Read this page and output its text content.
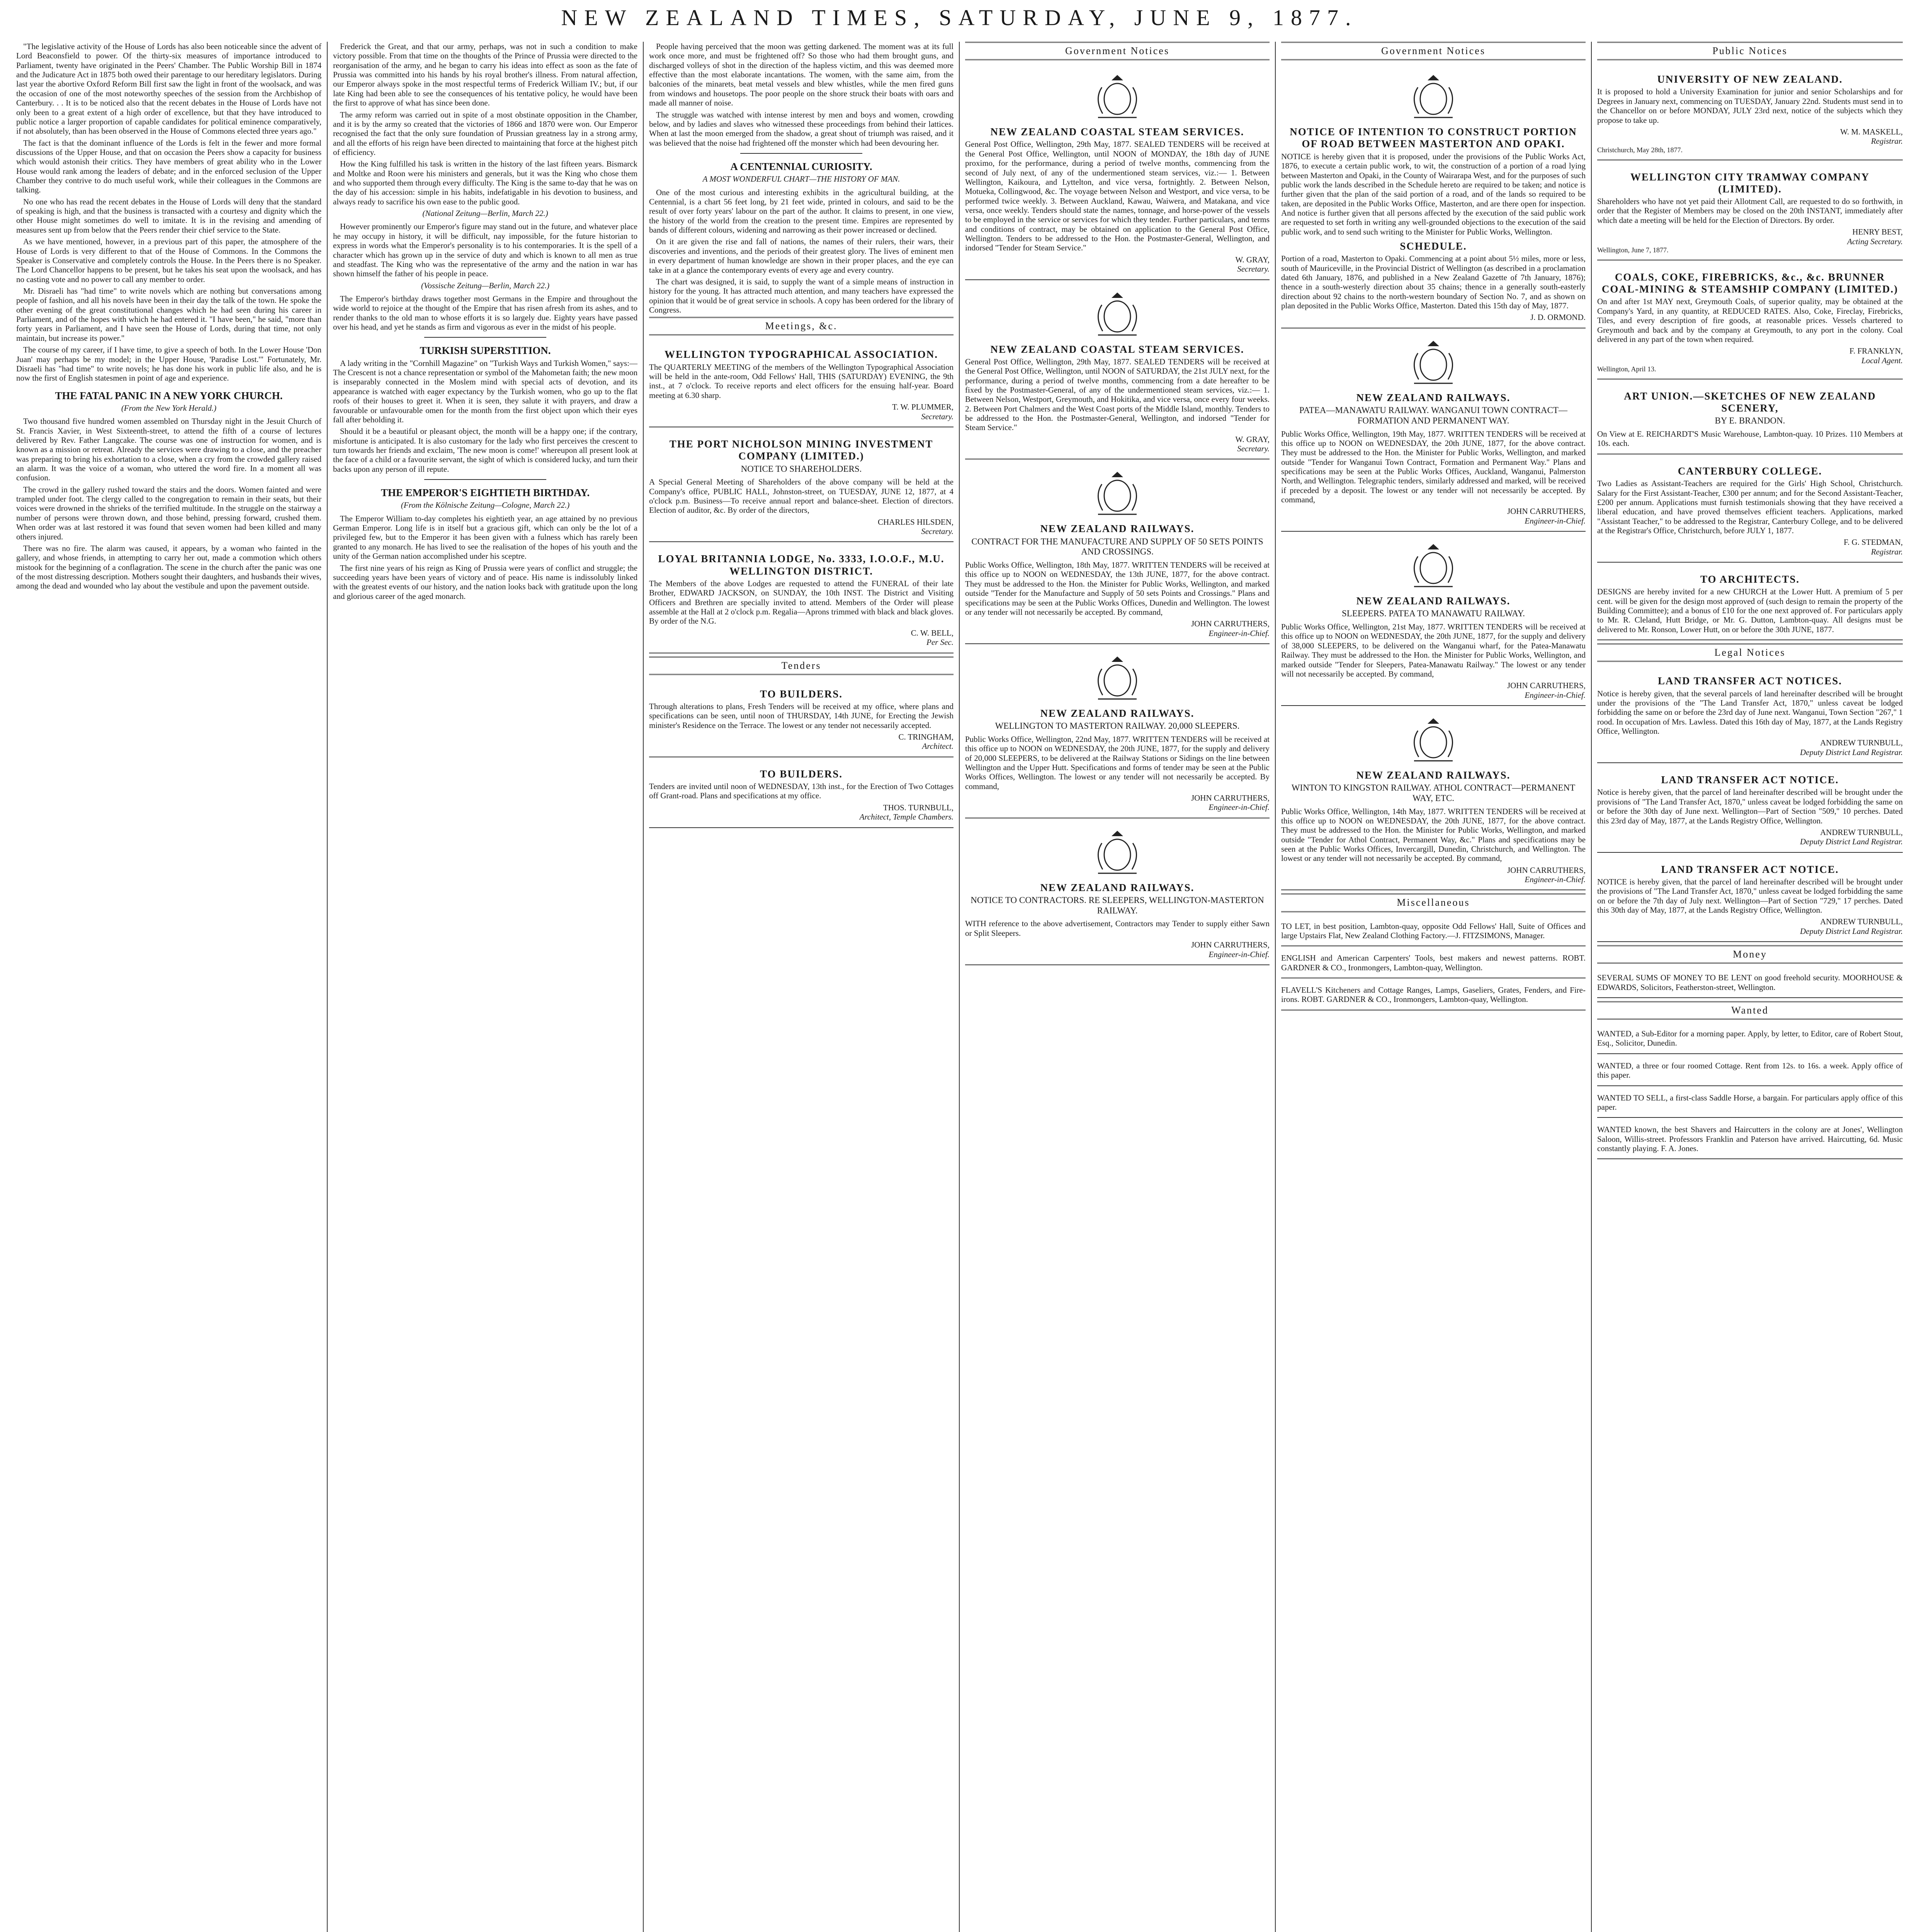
NEW ZEALAND TIMES, SATURDAY, JUNE 9, 1877.

"The legislative activity of the House of Lords has also been noticeable since the advent of Lord Beaconsfield to power. Of the thirty-six measures of importance introduced to Parliament, twenty have originated in the Peers' Chamber. The Public Worship Bill in 1874 and the Judicature Act in 1875 both owed their parentage to our hereditary legislators. During last year the abortive Oxford Reform Bill first saw the light in front of the woolsack, and was the occasion of one of the most noteworthy speeches of the session from the Archbishop of Canterbury. . . It is to be noticed also that the recent debates in the House of Lords have not only been to a great extent of a high order of excellence, but that they have introduced to public notice a larger proportion of capable candidates for political eminence comparatively, if not absolutely, than has been observed in the House of Commons elected three years ago."

The fact is that the dominant influence of the Lords is felt in the fewer and more formal discussions of the Upper House, and that on occasion the Peers show a capacity for business which would astonish their critics. They have members of great ability who in the Lower House would rank among the leaders of debate; and in the enforced seclusion of the Upper Chamber they contrive to do much useful work, while their colleagues in the Commons are talking.

No one who has read the recent debates in the House of Lords will deny that the standard of speaking is high, and that the business is transacted with a courtesy and dignity which the other House might sometimes do well to imitate. It is in the revising and amending of measures sent up from below that the Peers render their chief service to the State.

As we have mentioned, however, in a previous part of this paper, the atmosphere of the House of Lords is very different to that of the House of Commons. In the Commons the Speaker is Conservative and completely controls the House. In the Peers there is no Speaker. The Lord Chancellor happens to be present, but he takes his seat upon the woolsack, and has no casting vote and no power to call any member to order.

Mr. Disraeli has "had time" to write novels which are nothing but conversations among people of fashion, and all his novels have been in their day the talk of the town. He spoke the other evening of the great constitutional changes which he had seen during his career in Parliament, and of the hopes with which he had entered it. "I have been," he said, "more than forty years in Parliament, and I have seen the House of Lords, during that time, not only maintain, but increase its power."

The course of my career, if I have time, to give a speech of both. In the Lower House 'Don Juan' may perhaps be my model; in the Upper House, 'Paradise Lost.'" Fortunately, Mr. Disraeli has "had time" to write novels; he has done his work in public life also, and he is now the first of English statesmen in point of age and experience.

THE FATAL PANIC IN A NEW YORK CHURCH.
(From the New York Herald.)

Two thousand five hundred women assembled on Thursday night in the Jesuit Church of St. Francis Xavier, in West Sixteenth-street, to attend the fifth of a course of lectures delivered by Rev. Father Langcake. The course was one of instruction for women, and is known as a mission or retreat. Already the services were drawing to a close, and the preacher was preparing to bring his exhortation to a close, when a cry from the crowded gallery raised an alarm. It was the voice of a woman, who uttered the word fire. In a moment all was confusion.

The crowd in the gallery rushed toward the stairs and the doors. Women fainted and were trampled under foot. The clergy called to the congregation to remain in their seats, but their voices were drowned in the shrieks of the terrified multitude. In the struggle on the stairway a number of persons were thrown down, and those behind, pressing forward, crushed them. When order was at last restored it was found that seven women had been killed and many others injured.

There was no fire. The alarm was caused, it appears, by a woman who fainted in the gallery, and whose friends, in attempting to carry her out, made a commotion which others mistook for the beginning of a conflagration. The scene in the church after the panic was one of the most distressing description. Mothers sought their daughters, and husbands their wives, among the dead and wounded who lay about the vestibule and upon the pavement outside.

Frederick the Great, and that our army, perhaps, was not in such a condition to make victory possible. From that time on the thoughts of the Prince of Prussia were directed to the reorganisation of the army, and he began to carry his ideas into effect as soon as the fate of Prussia was committed into his hands by his royal brother's illness. From natural affection, our Emperor always spoke in the most respectful terms of Frederick William IV.; but, if our late King had been able to see the consequences of his tentative policy, he would have been the first to approve of what has since been done.

The army reform was carried out in spite of a most obstinate opposition in the Chamber, and it is by the army so created that the victories of 1866 and 1870 were won. Our Emperor recognised the fact that the only sure foundation of Prussian greatness lay in a strong army, and all the efforts of his reign have been directed to maintaining that force at the highest pitch of efficiency.

How the King fulfilled his task is written in the history of the last fifteen years. Bismarck and Moltke and Roon were his ministers and generals, but it was the King who chose them and who supported them through every difficulty. The King is the same to-day that he was on the day of his accession: simple in his habits, indefatigable in his devotion to business, and always ready to sacrifice his own ease to the public good.

(National Zeitung—Berlin, March 22.)

However prominently our Emperor's figure may stand out in the future, and whatever place he may occupy in history, it will be difficult, nay impossible, for the future historian to express in words what the Emperor's personality is to his contemporaries. It is the spell of a character which has grown up in the service of duty and which is known to all men as true and steadfast. The King who was the representative of the army and the nation in war has shown himself the father of his people in peace.

(Vossische Zeitung—Berlin, March 22.)

The Emperor's birthday draws together most Germans in the Empire and throughout the wide world to rejoice at the thought of the Empire that has risen afresh from its ashes, and to render thanks to the old man to whose efforts it is so largely due. Eighty years have passed over his head, and yet he stands as firm and vigorous as ever in the midst of his people.

TURKISH SUPERSTITION.

A lady writing in the "Cornhill Magazine" on "Turkish Ways and Turkish Women," says:—The Crescent is not a chance representation or symbol of the Mahometan faith; the new moon is inseparably connected in the Moslem mind with special acts of devotion, and its appearance is watched with eager expectancy by the Turkish women, who go up to the flat roofs of their houses to greet it. When it is seen, they salute it with prayers, and draw a favourable or unfavourable omen for the month from the first object upon which their eyes fall after beholding it.

Should it be a beautiful or pleasant object, the month will be a happy one; if the contrary, misfortune is anticipated. It is also customary for the lady who first perceives the crescent to turn towards her friends and exclaim, 'The new moon is come!' whereupon all present look at the face of a child or a favourite servant, the sight of which is considered lucky, and turn their backs upon any person of ill repute.

THE EMPEROR'S EIGHTIETH BIRTHDAY.
(From the Kölnische Zeitung—Cologne, March 22.)

The Emperor William to-day completes his eightieth year, an age attained by no previous German Emperor. Long life is in itself but a gracious gift, which can only be the lot of a privileged few, but to the Emperor it has been given with a fulness which has rarely been granted to any monarch. He has lived to see the realisation of the hopes of his youth and the unity of the German nation accomplished under his sceptre.

The first nine years of his reign as King of Prussia were years of conflict and struggle; the succeeding years have been years of victory and of peace. His name is indissolubly linked with the greatest events of our history, and the nation looks back with gratitude upon the long and glorious career of the aged monarch.

People having perceived that the moon was getting darkened. The moment was at its full work once more, and must be frightened off? So those who had them brought guns, and discharged volleys of shot in the direction of the hapless victim, and this was deemed more effective than the most elaborate incantations. The women, with the same aim, from the balconies of the minarets, beat metal vessels and blew whistles, while the men fired guns from windows and housetops. The poor people on the shore struck their boats with oars and made all manner of noise.

The struggle was watched with intense interest by men and boys and women, crowding below, and by ladies and slaves who witnessed these proceedings from behind their lattices. When at last the moon emerged from the shadow, a great shout of triumph was raised, and it was believed that the noise had frightened off the monster which had been devouring her.

A CENTENNIAL CURIOSITY.
A MOST WONDERFUL CHART—THE HISTORY OF MAN.

One of the most curious and interesting exhibits in the agricultural building, at the Centennial, is a chart 56 feet long, by 21 feet wide, printed in colours, and said to be the result of over forty years' labour on the part of the author. It claims to present, in one view, the history of the world from the creation to the present time. Empires are represented by bands of different colours, widening and narrowing as their power increased or declined.

On it are given the rise and fall of nations, the names of their rulers, their wars, their discoveries and inventions, and the periods of their greatest glory. The lives of eminent men in every department of human knowledge are shown in their proper places, and the eye can take in at a glance the contemporary events of every age and every country.

The chart was designed, it is said, to supply the want of a simple means of instruction in history for the young. It has attracted much attention, and many teachers have expressed the opinion that it would be of great service in schools. A copy has been ordered for the library of Congress.

Meetings, &c.
WELLINGTON TYPOGRAPHICAL ASSOCIATION.
The QUARTERLY MEETING of the members of the Wellington Typographical Association will be held in the ante-room, Odd Fellows' Hall, THIS (SATURDAY) EVENING, the 9th inst., at 7 o'clock. To receive reports and elect officers for the ensuing half-year. Board meeting at 6.30 sharp.
T. W. PLUMMER,
Secretary.
THE PORT NICHOLSON MINING INVESTMENT COMPANY (LIMITED.)
NOTICE TO SHAREHOLDERS.
A Special General Meeting of Shareholders of the above company will be held at the Company's office, PUBLIC HALL, Johnston-street, on TUESDAY, JUNE 12, 1877, at 4 o'clock p.m. Business—To receive annual report and balance-sheet. Election of directors. Election of auditor, &c. By order of the directors,
CHARLES HILSDEN,
Secretary.
LOYAL BRITANNIA LODGE, No. 3333, I.O.O.F., M.U. WELLINGTON DISTRICT.
The Members of the above Lodges are requested to attend the FUNERAL of their late Brother, EDWARD JACKSON, on SUNDAY, the 10th INST. The District and Visiting Officers and Brethren are specially invited to attend. Members of the Order will please assemble at the Hall at 2 o'clock p.m. Regalia—Aprons trimmed with black and black gloves. By order of the N.G.
C. W. BELL,
Per Sec.
Tenders
TO BUILDERS.
Through alterations to plans, Fresh Tenders will be received at my office, where plans and specifications can be seen, until noon of THURSDAY, 14th JUNE, for Erecting the Jewish minister's Residence on the Terrace. The lowest or any tender not necessarily accepted.
C. TRINGHAM,
Architect.
TO BUILDERS.
Tenders are invited until noon of WEDNESDAY, 13th inst., for the Erection of Two Cottages off Grant-road. Plans and specifications at my office.
THOS. TURNBULL,
Architect, Temple Chambers.
Government Notices
NEW ZEALAND COASTAL STEAM SERVICES.
General Post Office, Wellington, 29th May, 1877. SEALED TENDERS will be received at the General Post Office, Wellington, until NOON of MONDAY, the 18th day of JUNE proximo, for the performance, during a period of twelve months, commencing from the second of July next, of any of the undermentioned steam services, viz.:— 1. Between Wellington, Kaikoura, and Lyttelton, and vice versa, fortnightly. 2. Between Nelson, Motueka, Collingwood, &c. The voyage between Nelson and Westport, and vice versa, to be performed twice weekly. 3. Between Auckland, Kawau, Waiwera, and Matakana, and vice versa, once weekly. Tenders should state the names, tonnage, and horse-power of the vessels to be employed in the service or services for which they tender. Further particulars, and terms and conditions of contract, may be obtained on application to the General Post Office, Wellington. Tenders to be addressed to the Hon. the Postmaster-General, Wellington, and indorsed "Tender for Steam Service."
W. GRAY,
Secretary.
NEW ZEALAND COASTAL STEAM SERVICES.
General Post Office, Wellington, 29th May, 1877. SEALED TENDERS will be received at the General Post Office, Wellington, until NOON of SATURDAY, the 21st JULY next, for the performance, during a period of twelve months, commencing from a date hereafter to be fixed by the Postmaster-General, of any of the undermentioned steam services, viz.:— 1. Between Nelson, Westport, Greymouth, and Hokitika, and vice versa, once every four weeks. 2. Between Port Chalmers and the West Coast ports of the Middle Island, monthly. Tenders to be addressed to the Hon. the Postmaster-General, Wellington, and indorsed "Tender for Steam Service."
W. GRAY,
Secretary.
NEW ZEALAND RAILWAYS.
CONTRACT FOR THE MANUFACTURE AND SUPPLY OF 50 SETS POINTS AND CROSSINGS.
Public Works Office, Wellington, 18th May, 1877. WRITTEN TENDERS will be received at this office up to NOON on WEDNESDAY, the 13th JUNE, 1877, for the above contract. They must be addressed to the Hon. the Minister for Public Works, Wellington, and marked outside "Tender for the Manufacture and Supply of 50 sets Points and Crossings." Plans and specifications may be seen at the Public Works Offices, Dunedin and Wellington. The lowest or any tender will not necessarily be accepted. By command,
JOHN CARRUTHERS,
Engineer-in-Chief.
NEW ZEALAND RAILWAYS.
WELLINGTON TO MASTERTON RAILWAY. 20,000 SLEEPERS.
Public Works Office, Wellington, 22nd May, 1877. WRITTEN TENDERS will be received at this office up to NOON on WEDNESDAY, the 20th JUNE, 1877, for the supply and delivery of 20,000 SLEEPERS, to be delivered at the Railway Stations or Sidings on the line between Wellington and the Upper Hutt. Specifications and forms of tender may be seen at the Public Works Offices, Wellington. The lowest or any tender will not necessarily be accepted. By command,
JOHN CARRUTHERS,
Engineer-in-Chief.
NEW ZEALAND RAILWAYS.
NOTICE TO CONTRACTORS. RE SLEEPERS, WELLINGTON-MASTERTON RAILWAY.
WITH reference to the above advertisement, Contractors may Tender to supply either Sawn or Split Sleepers.
JOHN CARRUTHERS,
Engineer-in-Chief.
Government Notices
NOTICE OF INTENTION TO CONSTRUCT PORTION OF ROAD BETWEEN MASTERTON AND OPAKI.
NOTICE is hereby given that it is proposed, under the provisions of the Public Works Act, 1876, to execute a certain public work, to wit, the construction of a portion of a road lying between Masterton and Opaki, in the County of Wairarapa West, and for the purposes of such public work the lands described in the Schedule hereto are required to be taken; and notice is further given that the plan of the said portion of a road, and of the lands so required to be taken, are deposited in the Public Works Office, Masterton, and are there open for inspection. And notice is further given that all persons affected by the execution of the said public work are requested to set forth in writing any well-grounded objections to the execution of the said public work, and to send such writing to the Minister for Public Works, Wellington.
SCHEDULE.
Portion of a road, Masterton to Opaki. Commencing at a point about 5½ miles, more or less, south of Mauriceville, in the Provincial District of Wellington (as described in a proclamation dated 6th January, 1876, and published in a New Zealand Gazette of 7th January, 1876); thence in a south-westerly direction about 35 chains; thence in a generally south-easterly direction about 92 chains to the north-western boundary of Section No. 7, and as shown on plan deposited in the Public Works Office, Masterton. Dated this 15th day of May, 1877.
J. D. ORMOND.
NEW ZEALAND RAILWAYS.
PATEA—MANAWATU RAILWAY. WANGANUI TOWN CONTRACT—FORMATION AND PERMANENT WAY.
Public Works Office, Wellington, 19th May, 1877. WRITTEN TENDERS will be received at this office up to NOON on WEDNESDAY, the 20th JUNE, 1877, for the above contract. They must be addressed to the Hon. the Minister for Public Works, Wellington, and marked outside "Tender for Wanganui Town Contract, Formation and Permanent Way." Plans and specifications may be seen at the Public Works Offices, Auckland, Wanganui, Palmerston North, and Wellington. Telegraphic tenders, similarly addressed and marked, will be received if preceded by a deposit. The lowest or any tender will not necessarily be accepted. By command,
JOHN CARRUTHERS,
Engineer-in-Chief.
NEW ZEALAND RAILWAYS.
SLEEPERS. PATEA TO MANAWATU RAILWAY.
Public Works Office, Wellington, 21st May, 1877. WRITTEN TENDERS will be received at this office up to NOON on WEDNESDAY, the 20th JUNE, 1877, for the supply and delivery of 38,000 SLEEPERS, to be delivered on the Wanganui wharf, for the Patea-Manawatu Railway. They must be addressed to the Hon. the Minister for Public Works, Wellington, and marked outside "Tender for Sleepers, Patea-Manawatu Railway." The lowest or any tender will not necessarily be accepted. By command,
JOHN CARRUTHERS,
Engineer-in-Chief.
NEW ZEALAND RAILWAYS.
WINTON TO KINGSTON RAILWAY. ATHOL CONTRACT—PERMANENT WAY, ETC.
Public Works Office, Wellington, 14th May, 1877. WRITTEN TENDERS will be received at this office up to NOON on WEDNESDAY, the 20th JUNE, 1877, for the above contract. They must be addressed to the Hon. the Minister for Public Works, Wellington, and marked outside "Tender for Athol Contract, Permanent Way, &c." Plans and specifications may be seen at the Public Works Offices, Invercargill, Dunedin, Christchurch, and Wellington. The lowest or any tender will not necessarily be accepted. By command,
JOHN CARRUTHERS,
Engineer-in-Chief.
Miscellaneous
TO LET, in best position, Lambton-quay, opposite Odd Fellows' Hall, Suite of Offices and large Upstairs Flat, New Zealand Clothing Factory.—J. FITZSIMONS, Manager.
ENGLISH and American Carpenters' Tools, best makers and newest patterns. ROBT. GARDNER & CO., Ironmongers, Lambton-quay, Wellington.
FLAVELL'S Kitcheners and Cottage Ranges, Lamps, Gaseliers, Grates, Fenders, and Fire-irons. ROBT. GARDNER & CO., Ironmongers, Lambton-quay, Wellington.
Public Notices
UNIVERSITY OF NEW ZEALAND.
It is proposed to hold a University Examination for junior and senior Scholarships and for Degrees in January next, commencing on TUESDAY, January 22nd. Students must send in to the Chancellor on or before MONDAY, JULY 23rd next, notice of the subjects which they propose to take up.
W. M. MASKELL,
Registrar.
Christchurch, May 28th, 1877.
WELLINGTON CITY TRAMWAY COMPANY (LIMITED).
Shareholders who have not yet paid their Allotment Call, are requested to do so forthwith, in order that the Register of Members may be closed on the 20th INSTANT, immediately after which date a meeting will be held for the Election of Directors. By order.
HENRY BEST,
Acting Secretary.
Wellington, June 7, 1877.
COALS, COKE, FIREBRICKS, &c., &c. BRUNNER COAL-MINING & STEAMSHIP COMPANY (LIMITED.)
On and after 1st MAY next, Greymouth Coals, of superior quality, may be obtained at the Company's Yard, in any quantity, at REDUCED RATES. Also, Coke, Fireclay, Firebricks, Tiles, and every description of fire goods, at reasonable prices. Vessels chartered to Greymouth and back and by the company at Greymouth, to any port in the colony. Coal delivered in any part of the town when required.
F. FRANKLYN,
Local Agent.
Wellington, April 13.
ART UNION.—SKETCHES OF NEW ZEALAND SCENERY,
BY E. BRANDON.
On View at E. REICHARDT'S Music Warehouse, Lambton-quay. 10 Prizes. 110 Members at 10s. each.
CANTERBURY COLLEGE.
Two Ladies as Assistant-Teachers are required for the Girls' High School, Christchurch. Salary for the First Assistant-Teacher, £300 per annum; and for the Second Assistant-Teacher, £200 per annum. Applications must furnish testimonials showing that they have received a liberal education, and have proved themselves efficient teachers. Applications, marked "Assistant Teacher," to be addressed to the Registrar, Canterbury College, and to be delivered at the Registrar's Office, Christchurch, before JULY 1, 1877.
F. G. STEDMAN,
Registrar.
TO ARCHITECTS.
DESIGNS are hereby invited for a new CHURCH at the Lower Hutt. A premium of 5 per cent. will be given for the design most approved of (such design to remain the property of the Building Committee); and a bonus of £10 for the one next approved of. For particulars apply to Mr. R. Cleland, Hutt Bridge, or Mr. G. Dutton, Lambton-quay. All designs must be delivered to Mr. Ronson, Lower Hutt, on or before the 30th JUNE, 1877.
Legal Notices
LAND TRANSFER ACT NOTICES.
Notice is hereby given, that the several parcels of land hereinafter described will be brought under the provisions of the "The Land Transfer Act, 1870," unless caveat be lodged forbidding the same on or before the 23rd day of June next. Wanganui, Town Section "267," 1 rood. In occupation of Mrs. Lawless. Dated this 16th day of May, 1877, at the Lands Registry Office, Wellington.
ANDREW TURNBULL,
Deputy District Land Registrar.
LAND TRANSFER ACT NOTICE.
Notice is hereby given, that the parcel of land hereinafter described will be brought under the provisions of "The Land Transfer Act, 1870," unless caveat be lodged forbidding the same on or before the 30th day of June next. Wellington—Part of Section "509," 10 perches. Dated this 23rd day of May, 1877, at the Lands Registry Office, Wellington.
ANDREW TURNBULL,
Deputy District Land Registrar.
LAND TRANSFER ACT NOTICE.
NOTICE is hereby given, that the parcel of land hereinafter described will be brought under the provisions of "The Land Transfer Act, 1870," unless caveat be lodged forbidding the same on or before the 7th day of July next. Wellington—Part of Section "729," 17 perches. Dated this 30th day of May, 1877, at the Lands Registry Office, Wellington.
ANDREW TURNBULL,
Deputy District Land Registrar.
Money
SEVERAL SUMS OF MONEY TO BE LENT on good freehold security. MOORHOUSE & EDWARDS, Solicitors, Featherston-street, Wellington.
Wanted
WANTED, a Sub-Editor for a morning paper. Apply, by letter, to Editor, care of Robert Stout, Esq., Solicitor, Dunedin.
WANTED, a three or four roomed Cottage. Rent from 12s. to 16s. a week. Apply office of this paper.
WANTED TO SELL, a first-class Saddle Horse, a bargain. For particulars apply office of this paper.
WANTED known, the best Shavers and Haircutters in the colony are at Jones', Wellington Saloon, Willis-street. Professors Franklin and Paterson have arrived. Haircutting, 6d. Music constantly playing. F. A. Jones.
